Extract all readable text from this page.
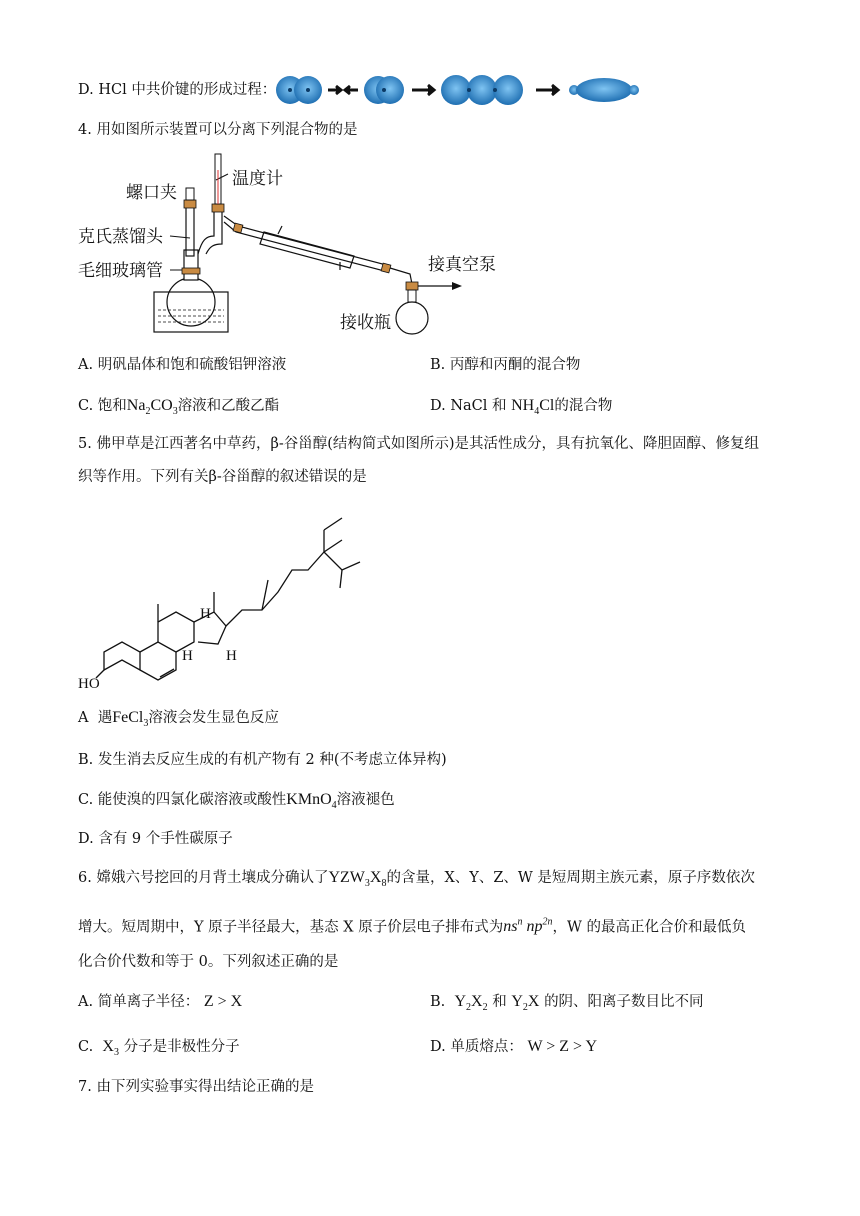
D. HCl 中共价键的形成过程：
4. 用如图所示装置可以分离下列混合物的是
螺口夹
温度计
克氏蒸馏头
毛细玻璃管	接真空泵
接收瓶
A. 明矾晶体和饱和硫酸铝钾溶液	B. 丙醇和丙酮的混合物
C. 饱和$Na_2CO_3$溶液和乙酸乙酯	D. NaCl 和 $NH_4Cl$的混合物
5. 佛甲草是江西著名中草药，β-谷甾醇(结构简式如图所示)是其活性成分，具有抗氧化、降胆固醇、修复组
织等作用。下列有关β-谷甾醇的叙述错误的是
H
H H
HO
A 遇FeCl$_3$溶液会发生显色反应
B. 发生消去反应生成的有机产物有 2 种(不考虑立体异构)
C. 能使溴的四氯化碳溶液或酸性KMnO$_4$溶液褪色
D. 含有 9 个手性碳原子
6. 嫦娥六号挖回的月背土壤成分确认了$YZW_3X_8$的含量，X、Y、Z、W 是短周期主族元素，原子序数依次
增大。短周期中，Y 原子半径最大，基态 X 原子价层电子排布式为$ns^n$ $np^{2n}$，W 的最高正化合价和最低负
化合价代数和等于 0。下列叙述正确的是
A. 简单离子半径： Z > X	B. $Y_2X_2$ 和 $Y_2X$ 的阴、阳离子数目比不同
C. $X_3$ 分子是非极性分子	D. 单质熔点： W > Z > Y
7. 由下列实验事实得出结论正确的是
